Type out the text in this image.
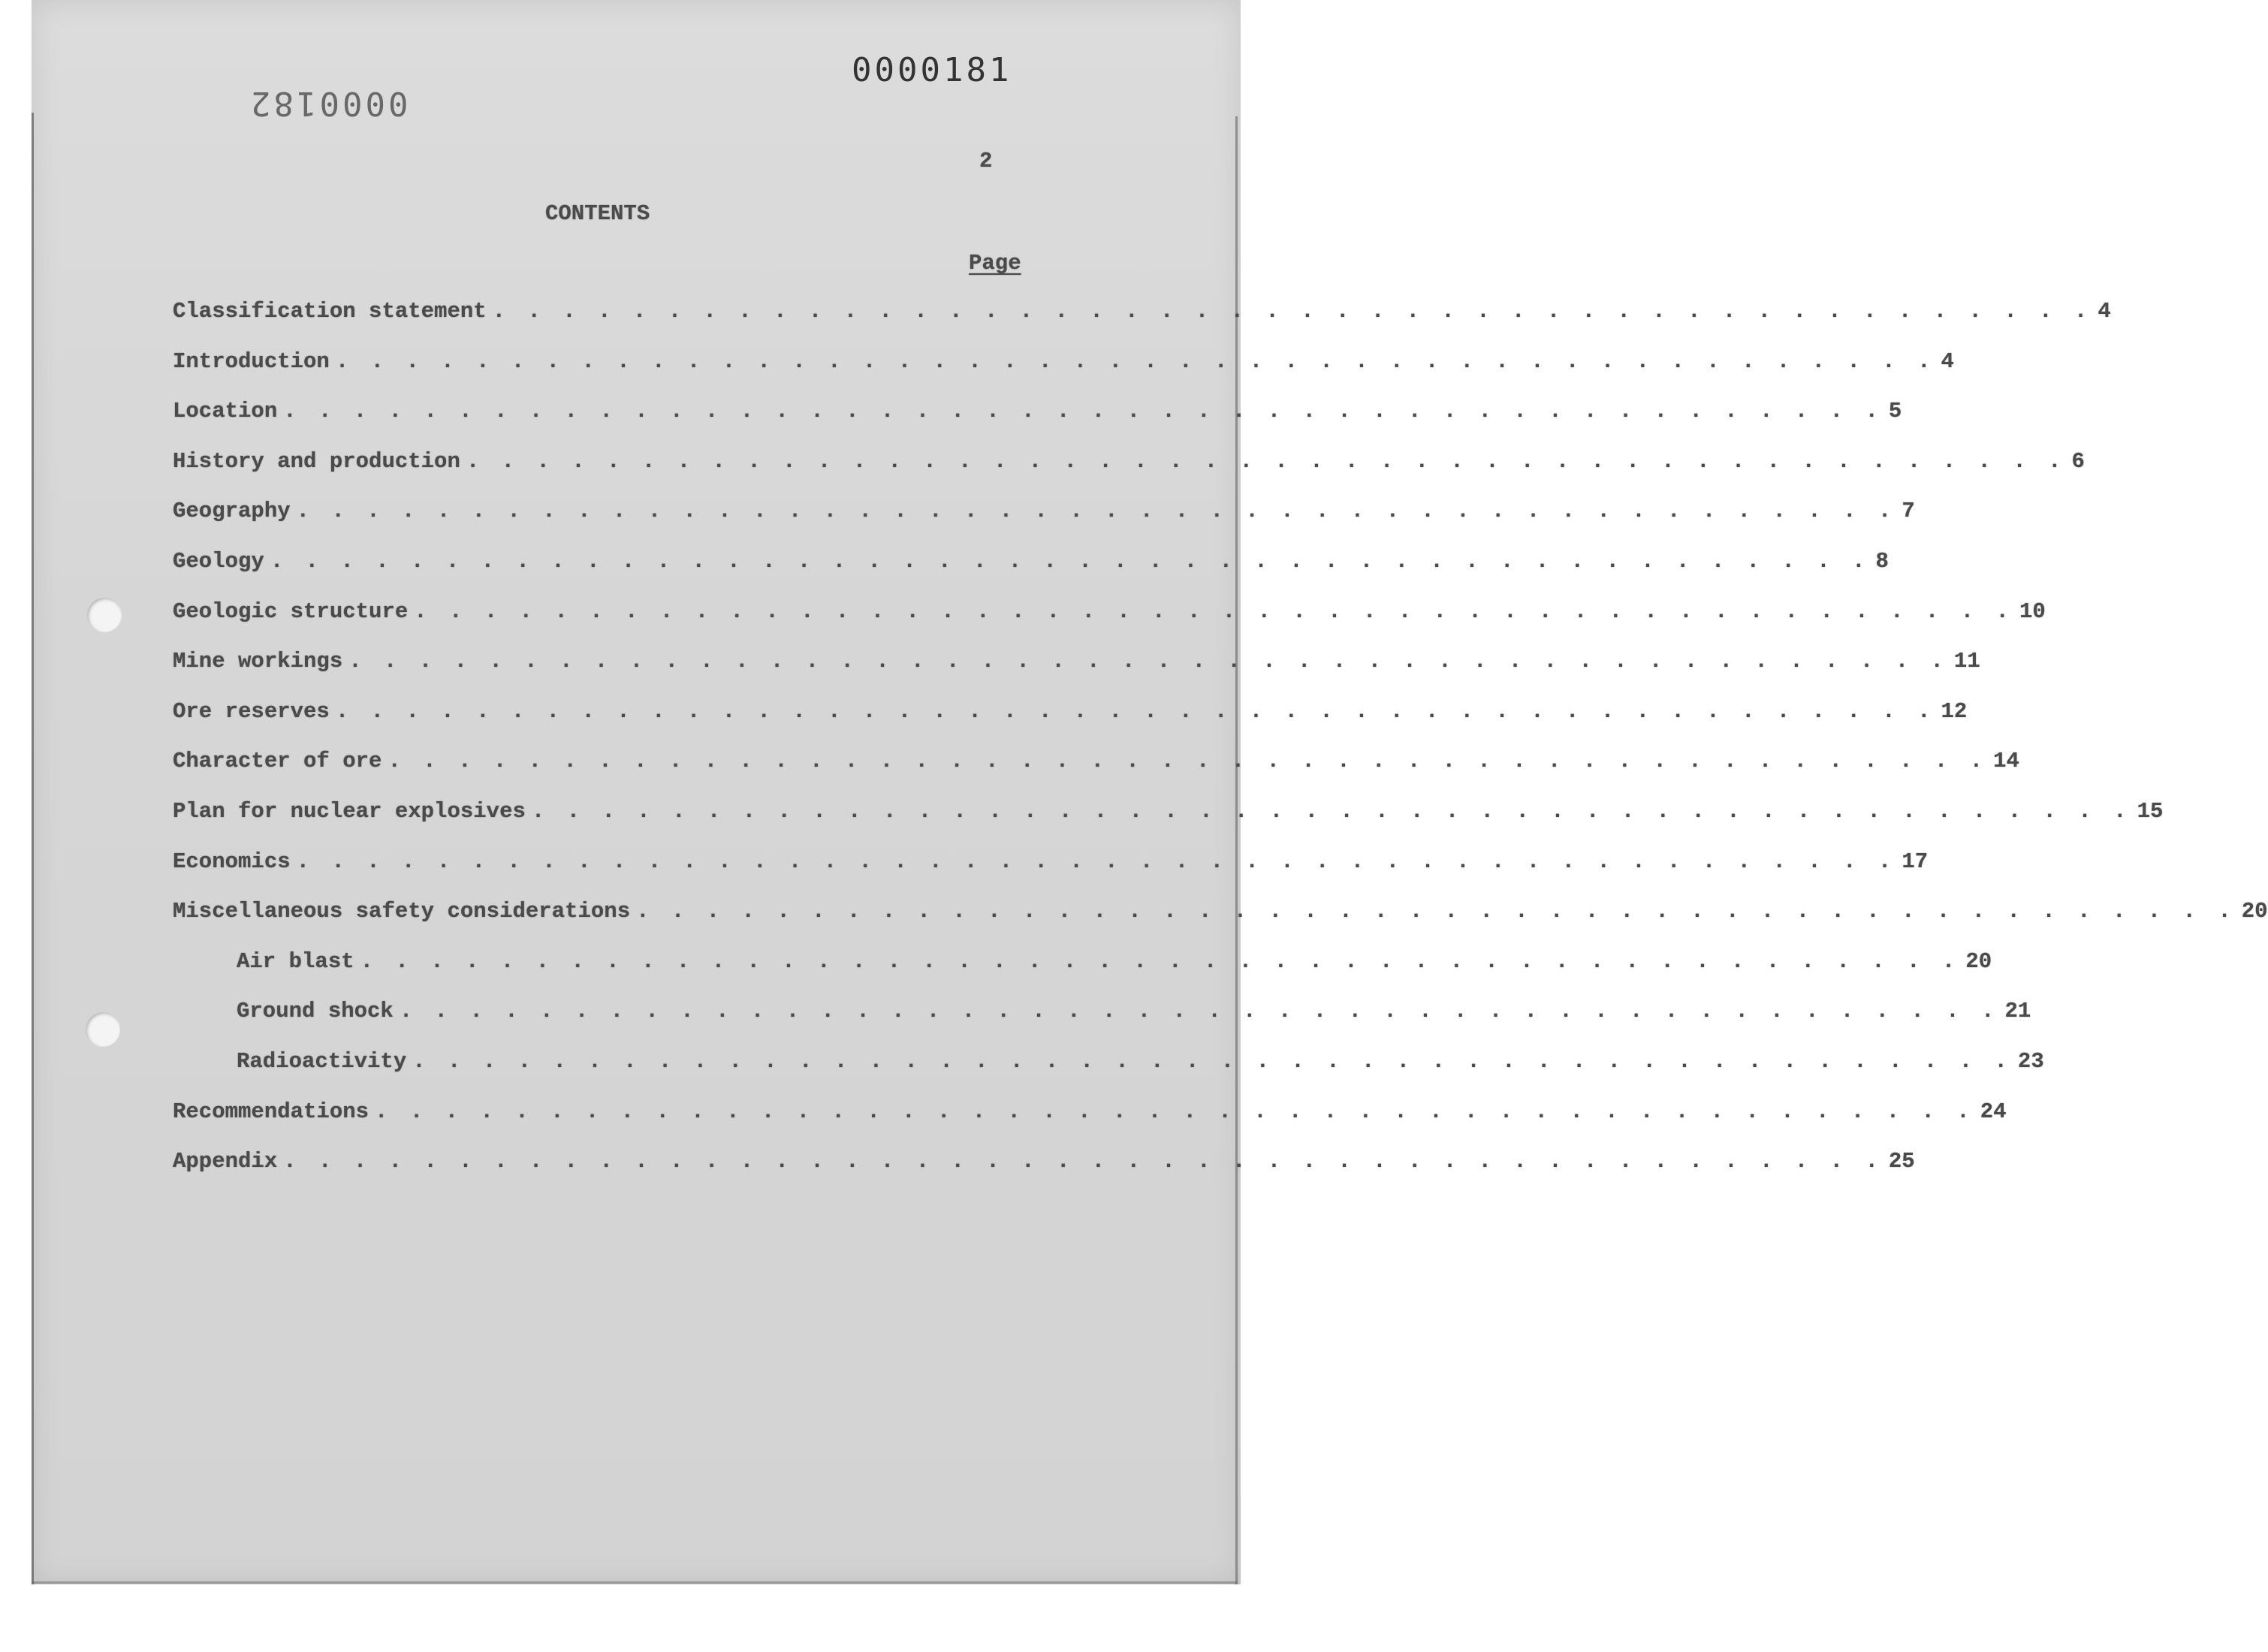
0000181
0000182
2
CONTENTS
Page
Classification statement . . . . . . . . . . . . . . . . . . . . . . . . . . . . . . . . . . . . . . . . . . . . . . 4
Introduction . . . . . . . . . . . . . . . . . . . . . . . . . . . . . . . . . . . . . . . . . . . . . . 4
Location . . . . . . . . . . . . . . . . . . . . . . . . . . . . . . . . . . . . . . . . . . . . . . 5
History and production . . . . . . . . . . . . . . . . . . . . . . . . . . . . . . . . . . . . . . . . . . . . . . 6
Geography . . . . . . . . . . . . . . . . . . . . . . . . . . . . . . . . . . . . . . . . . . . . . . 7
Geology . . . . . . . . . . . . . . . . . . . . . . . . . . . . . . . . . . . . . . . . . . . . . . 8
Geologic structure . . . . . . . . . . . . . . . . . . . . . . . . . . . . . . . . . . . . . . . . . . . . . . 10
Mine workings . . . . . . . . . . . . . . . . . . . . . . . . . . . . . . . . . . . . . . . . . . . . . . 11
Ore reserves . . . . . . . . . . . . . . . . . . . . . . . . . . . . . . . . . . . . . . . . . . . . . . 12
Character of ore . . . . . . . . . . . . . . . . . . . . . . . . . . . . . . . . . . . . . . . . . . . . . . 14
Plan for nuclear explosives . . . . . . . . . . . . . . . . . . . . . . . . . . . . . . . . . . . . . . . . . . . . . . 15
Economics . . . . . . . . . . . . . . . . . . . . . . . . . . . . . . . . . . . . . . . . . . . . . . 17
Miscellaneous safety considerations . . . . . . . . . . . . . . . . . . . . . . . . . . . . . . . . . . . . . . . . . . . . . . 20
Air blast . . . . . . . . . . . . . . . . . . . . . . . . . . . . . . . . . . . . . . . . . . . . . . 20
Ground shock . . . . . . . . . . . . . . . . . . . . . . . . . . . . . . . . . . . . . . . . . . . . . . 21
Radioactivity . . . . . . . . . . . . . . . . . . . . . . . . . . . . . . . . . . . . . . . . . . . . . . 23
Recommendations . . . . . . . . . . . . . . . . . . . . . . . . . . . . . . . . . . . . . . . . . . . . . . 24
Appendix . . . . . . . . . . . . . . . . . . . . . . . . . . . . . . . . . . . . . . . . . . . . . . 25
